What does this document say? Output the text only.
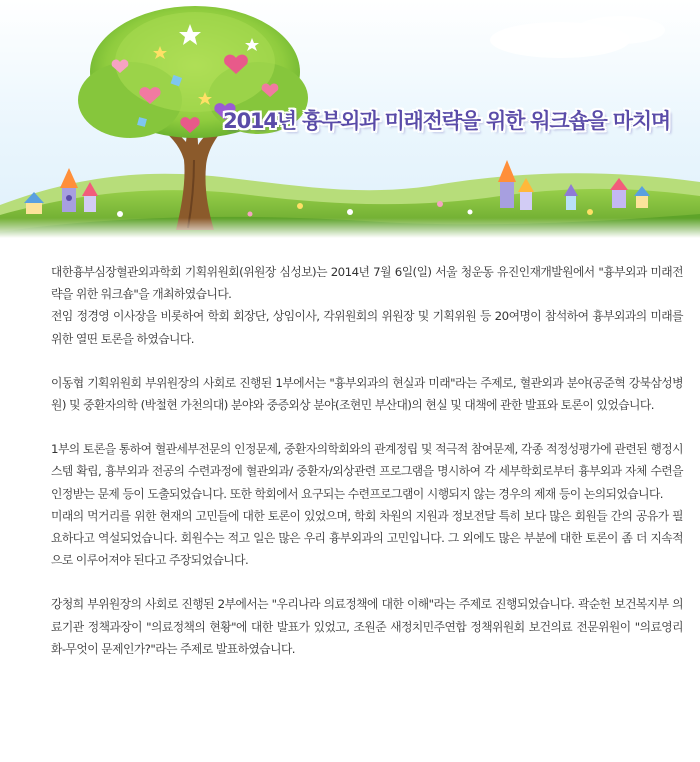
2014년 흉부외과 미래전략을 위한 워크숍을 마치며

대한흉부심장혈관외과학회 기획위원회(위원장 심성보)는 2014년 7월 6일(일) 서울 청운동 유진인재개발원에서 "흉부외과 미래전략을 위한 워크숍"을 개최하였습니다.

전임 정경영 이사장을 비롯하여 학회 회장단, 상임이사, 각위원회의 위원장 및 기획위원 등 20여명이 참석하여 흉부외과의 미래를 위한 열띤 토론을 하였습니다.

이동협 기획위원회 부위원장의 사회로 진행된 1부에서는 "흉부외과의 현실과 미래"라는 주제로, 혈관외과 분야(공준혁 강북삼성병원) 및 중환자의학 (박철현 가천의대) 분야와 중증외상 분야(조현민 부산대)의 현실 및 대책에 관한 발표와 토론이 있었습니다.

1부의 토론을 통하여 혈관세부전문의 인정문제, 중환자의학회와의 관계정립 및 적극적 참여문제, 각종 적정성평가에 관련된 행정시스템 확립, 흉부외과 전공의 수련과정에 혈관외과/ 중환자/외상관련 프로그램을 명시하여 각 세부학회로부터 흉부외과 자체 수련을 인정받는 문제 등이 도출되었습니다. 또한 학회에서 요구되는 수련프로그램이 시행되지 않는 경우의 제재 등이 논의되었습니다.

미래의 먹거리를 위한 현재의 고민들에 대한 토론이 있었으며, 학회 차원의 지원과 정보전달 특히 보다 많은 회원들 간의 공유가 필요하다고 역설되었습니다. 회원수는 적고 일은 많은 우리 흉부외과의 고민입니다. 그 외에도 많은 부분에 대한 토론이 좀 더 지속적으로 이루어져야 된다고 주장되었습니다.

강청희 부위원장의 사회로 진행된 2부에서는 "우리나라 의료정책에 대한 이해"라는 주제로 진행되었습니다. 곽순헌 보건복지부 의료기관 정책과장이 "의료정책의 현황"에 대한 발표가 있었고, 조원준 새정치민주연합 정책위원회 보건의료 전문위원이 "의료영리화-무엇이 문제인가?"라는 주제로 발표하였습니다.
